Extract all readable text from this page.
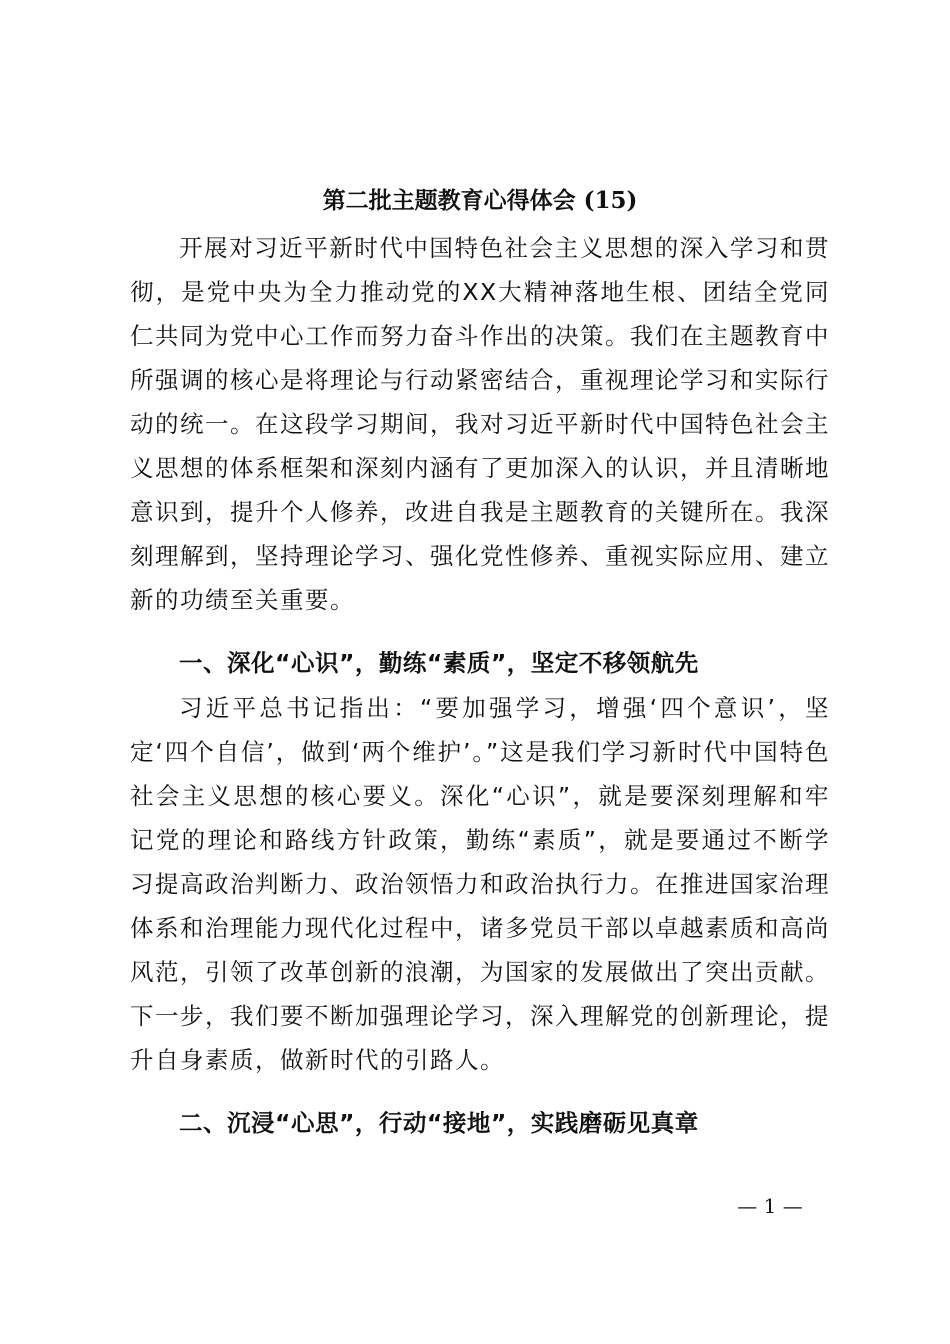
第二批主题教育心得体会 (15)

开展对习近平新时代中国特色社会主义思想的深入学习和贯彻，是党中央为全力推动党的XX大精神落地生根、团结全党同仁共同为党中心工作而努力奋斗作出的决策。我们在主题教育中所强调的核心是将理论与行动紧密结合，重视理论学习和实际行动的统一。在这段学习期间，我对习近平新时代中国特色社会主义思想的体系框架和深刻内涵有了更加深入的认识，并且清晰地意识到，提升个人修养，改进自我是主题教育的关键所在。我深刻理解到，坚持理论学习、强化党性修养、重视实际应用、建立新的功绩至关重要。

一、深化“心识”，勤练“素质”，坚定不移领航先

习近平总书记指出：“要加强学习，增强‘四个意识’，坚定‘四个自信’，做到‘两个维护’。”这是我们学习新时代中国特色社会主义思想的核心要义。深化“心识”，就是要深刻理解和牢记党的理论和路线方针政策，勤练“素质”，就是要通过不断学习提高政治判断力、政治领悟力和政治执行力。在推进国家治理体系和治理能力现代化过程中，诸多党员干部以卓越素质和高尚风范，引领了改革创新的浪潮，为国家的发展做出了突出贡献。下一步，我们要不断加强理论学习，深入理解党的创新理论，提升自身素质，做新时代的引路人。

二、沉浸“心思”，行动“接地”，实践磨砺见真章

— 1 —
